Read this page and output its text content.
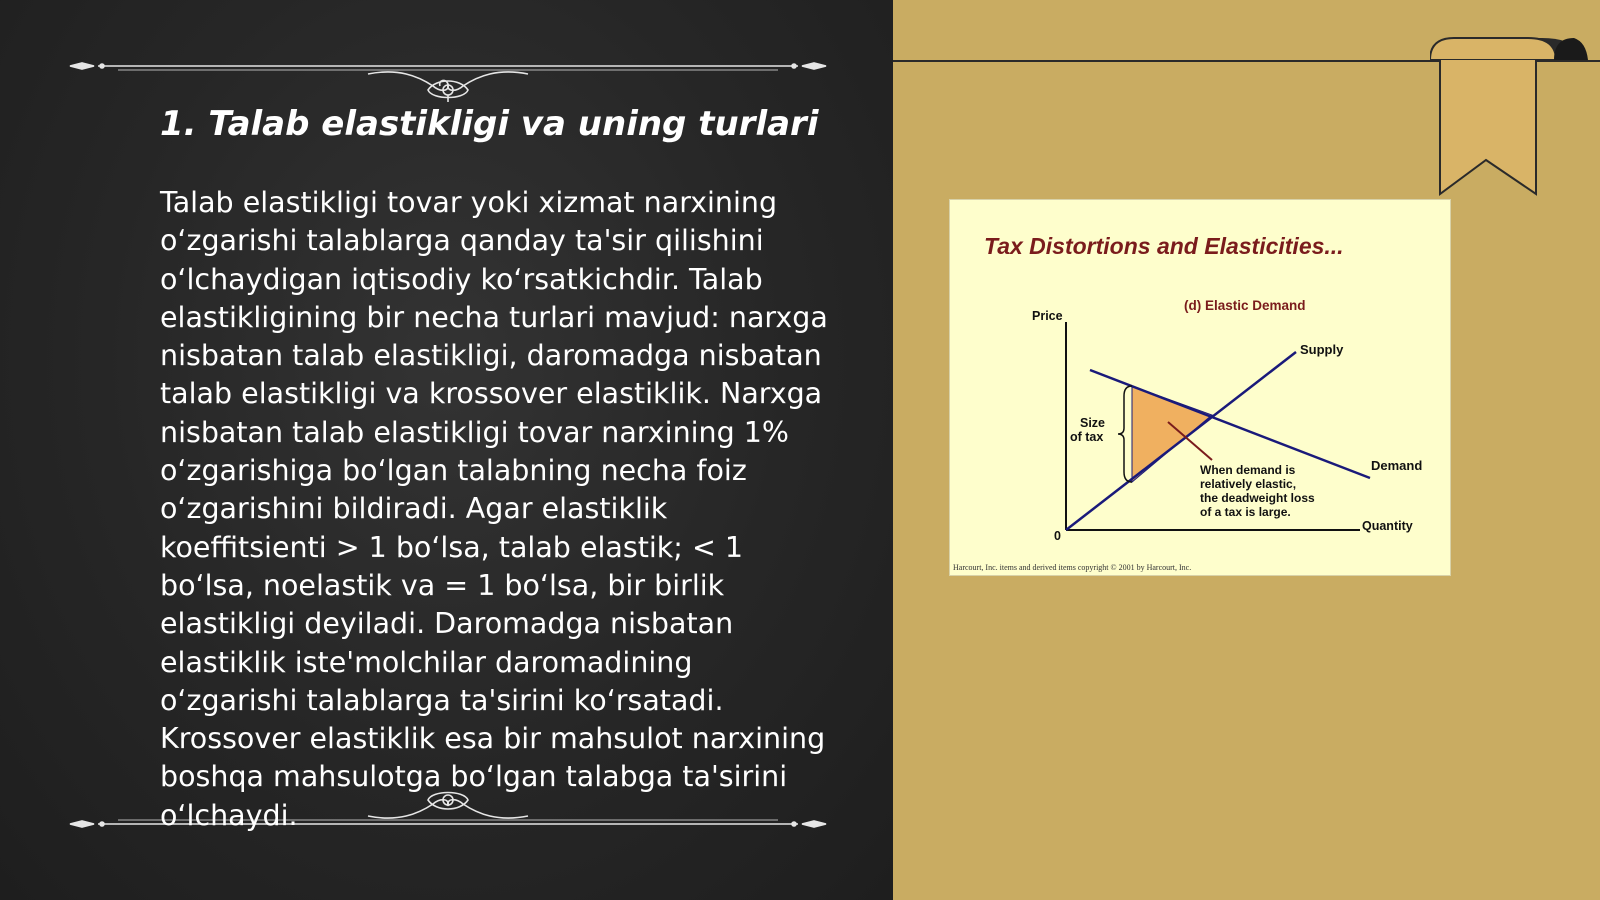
1. Talab elastikligi va uning turlari

Talab elastikligi tovar yoki xizmat narxining oʻzgarishi talablarga qanday ta'sir qilishini oʻlchaydigan iqtisodiy koʻrsatkichdir. Talab elastikligining bir necha turlari mavjud: narxga nisbatan talab elastikligi, daromadga nisbatan talab elastikligi va krossover elastiklik. Narxga nisbatan talab elastikligi tovar narxining 1% oʻzgarishiga boʻlgan talabning necha foiz oʻzgarishini bildiradi. Agar elastiklik koeffitsienti > 1 boʻlsa, talab elastik; < 1 boʻlsa, noelastik va = 1 boʻlsa, bir birlik elastikligi deyiladi. Daromadga nisbatan elastiklik iste'molchilar daromadining oʻzgarishi talablarga ta'sirini koʻrsatadi. Krossover elastiklik esa bir mahsulot narxining boshqa mahsulotga boʻlgan talabga ta'sirini oʻlchaydi.

Tax Distortions and Elasticities...
(d) Elastic Demand
Price
Quantity
0
Supply
Demand
Size
of tax
When demand is
relatively elastic,
the deadweight loss
of a tax is large.
Harcourt, Inc. items and derived items copyright © 2001 by Harcourt, Inc.
